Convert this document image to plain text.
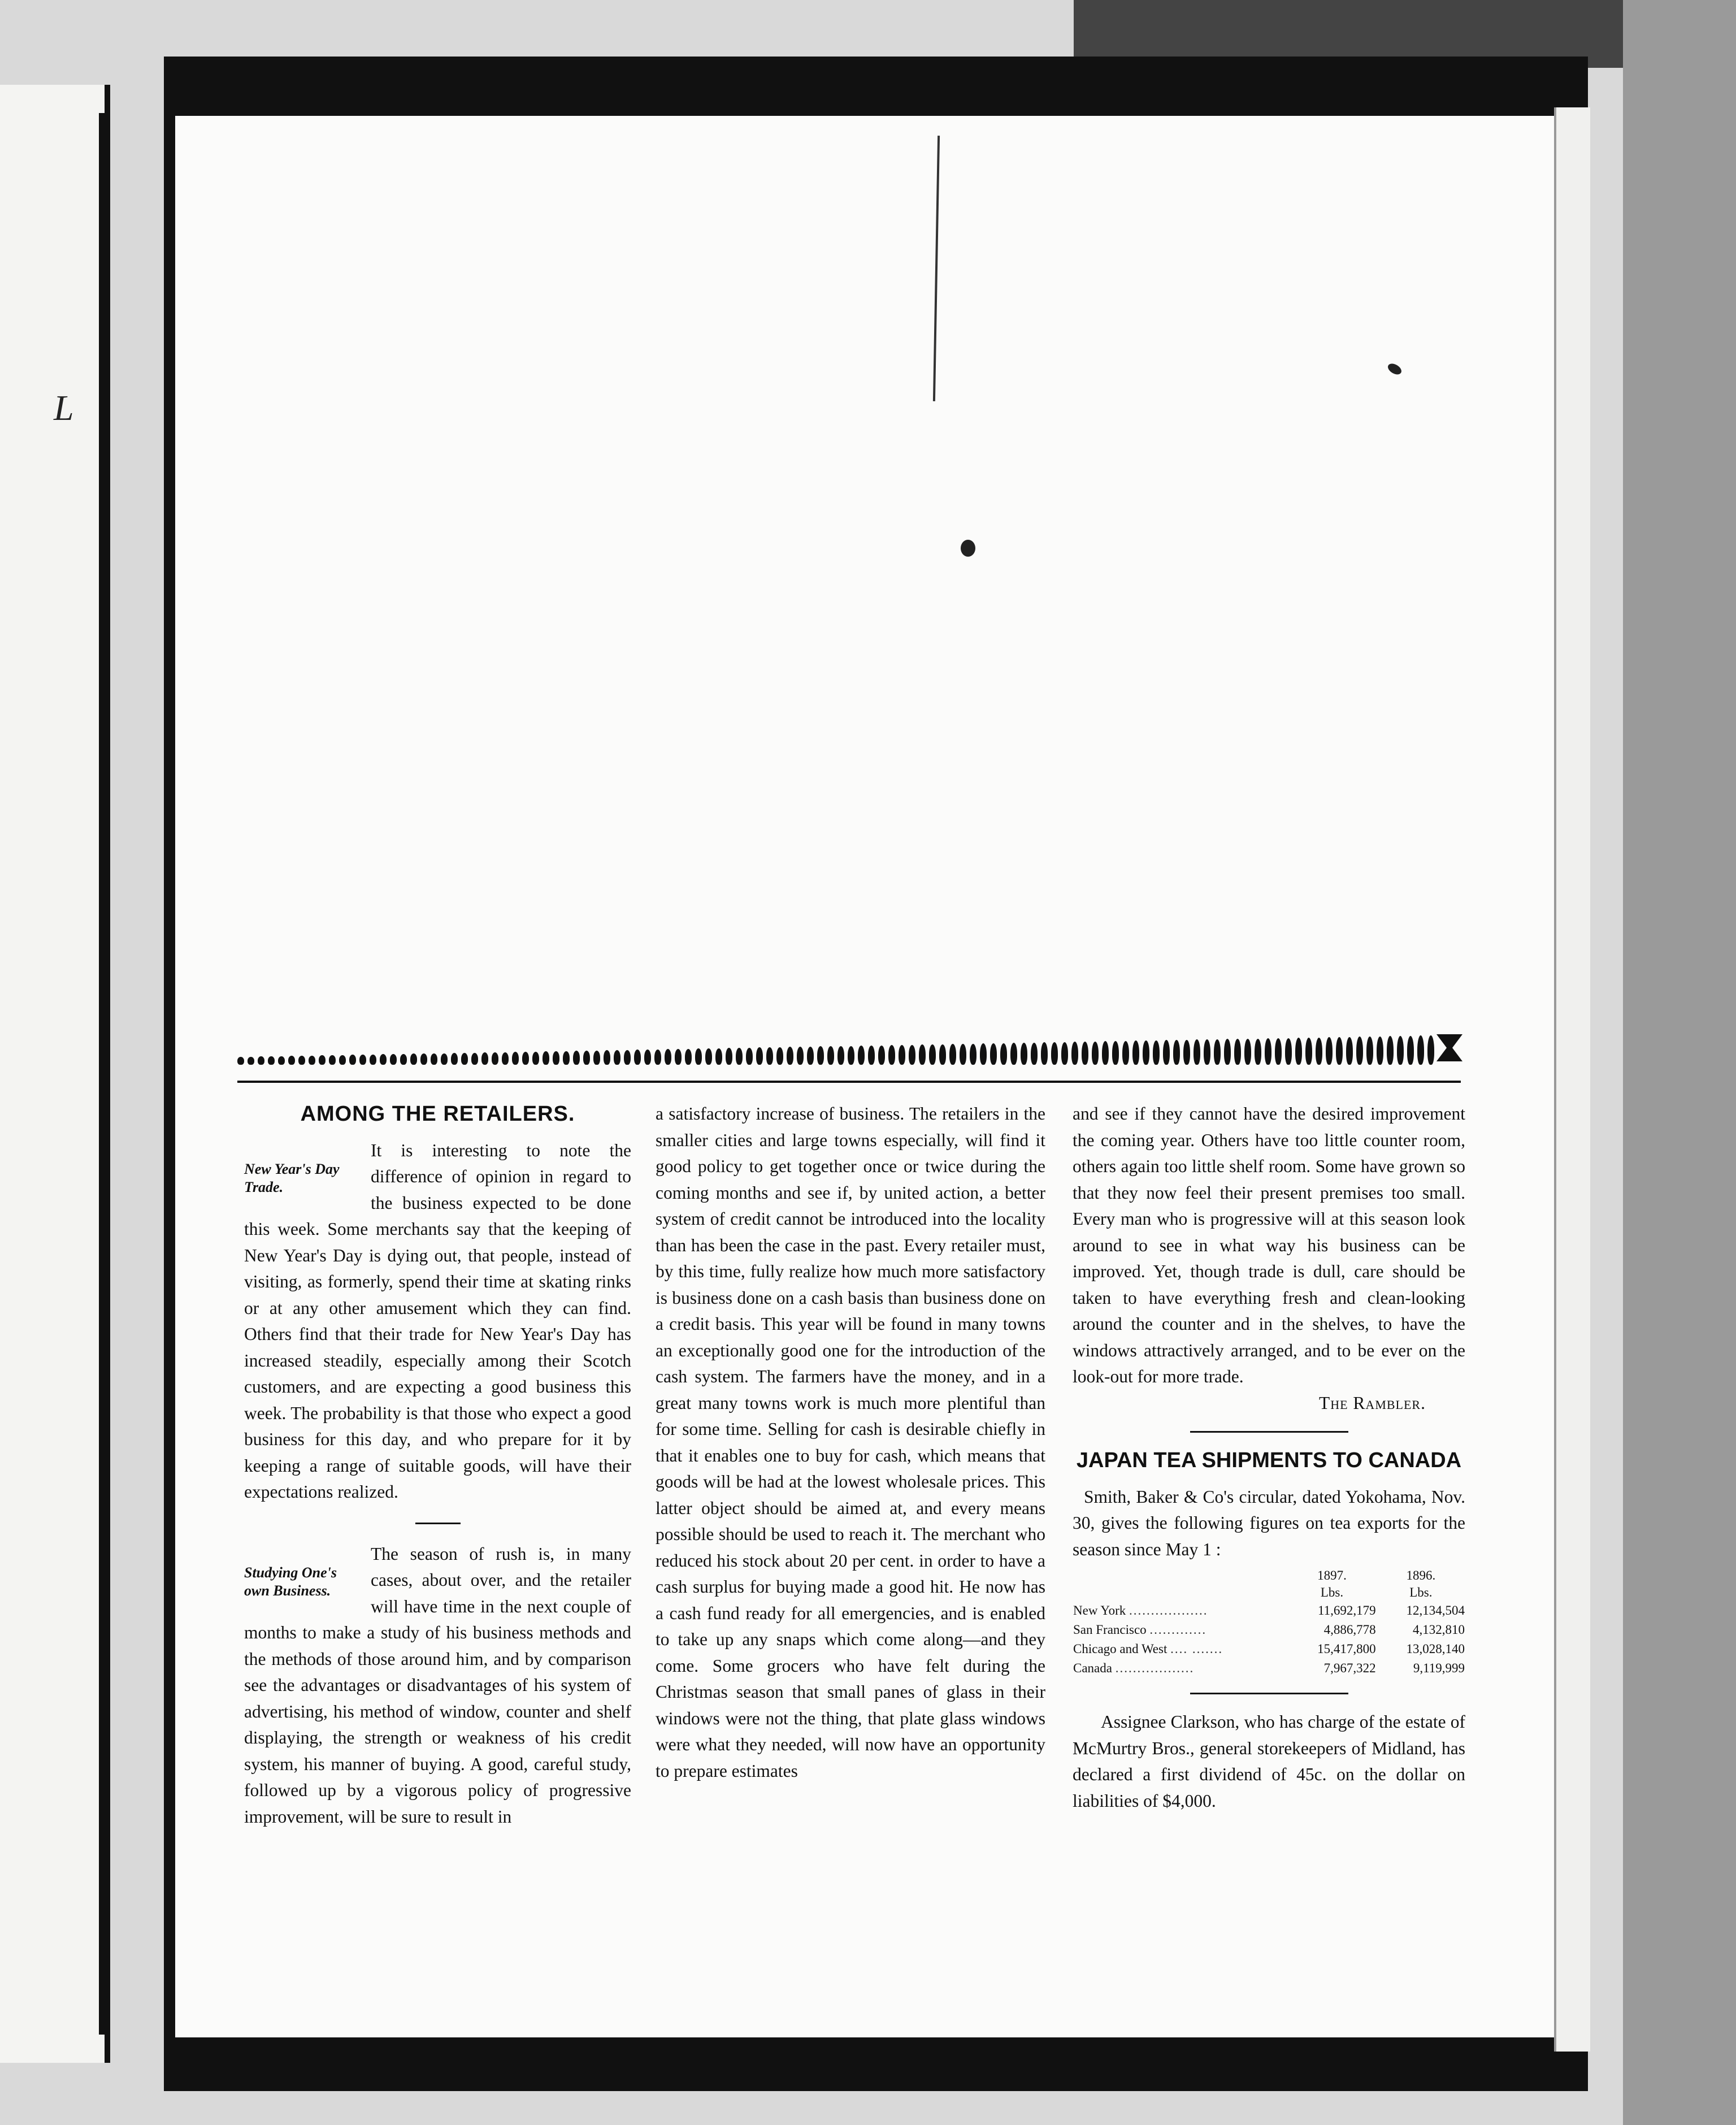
L
AMONG THE RETAILERS.
New Year's Day Trade.

It is interesting to note the difference of opinion in regard to the business expected to be done this week. Some merchants say that the keeping of New Year's Day is dying out, that people, instead of visiting, as formerly, spend their time at skating rinks or at any other amusement which they can find. Others find that their trade for New Year's Day has increased steadily, especially among their Scotch customers, and are expecting a good business this week. The probability is that those who expect a good business for this day, and who prepare for it by keeping a range of suitable goods, will have their expectations realized.

Studying One's own Business.

The season of rush is, in many cases, about over, and the retailer will have time in the next couple of months to make a study of his business methods and the methods of those around him, and by comparison see the advantages or disadvantages of his system of advertising, his method of window, counter and shelf displaying, the strength or weakness of his credit system, his manner of buying. A good, careful study, followed up by a vigorous policy of progressive improvement, will be sure to result in

a satisfactory increase of business. The retailers in the smaller cities and large towns especially, will find it good policy to get together once or twice during the coming months and see if, by united action, a better system of credit cannot be introduced into the locality than has been the case in the past. Every retailer must, by this time, fully realize how much more satisfactory is business done on a cash basis than business done on a credit basis. This year will be found in many towns an exceptionally good one for the introduction of the cash system. The farmers have the money, and in a great many towns work is much more plentiful than for some time. Selling for cash is desirable chiefly in that it enables one to buy for cash, which means that goods will be had at the lowest wholesale prices. This latter object should be aimed at, and every means possible should be used to reach it. The merchant who reduced his stock about 20 per cent. in order to have a cash surplus for buying made a good hit. He now has a cash fund ready for all emergencies, and is enabled to take up any snaps which come along—and they come. Some grocers who have felt during the Christmas season that small panes of glass in their windows were not the thing, that plate glass windows were what they needed, will now have an opportunity to prepare estimates

and see if they cannot have the desired improvement the coming year. Others have too little counter room, others again too little shelf room. Some have grown so that they now feel their present premises too small. Every man who is progressive will at this season look around to see in what way his business can be improved. Yet, though trade is dull, care should be taken to have everything fresh and clean-looking around the counter and in the shelves, to have the windows attractively arranged, and to be ever on the look-out for more trade.

The Rambler.
JAPAN TEA SHIPMENTS TO CANADA

Smith, Baker & Co's circular, dated Yokohama, Nov. 30, gives the following figures on tea exports for the season since May 1 :

	1897.	1896.
	Lbs.	Lbs.
New York ..................	11,692,179	12,134,504
San Francisco .............	4,886,778	4,132,810
Chicago and West .... .......	15,417,800	13,028,140
Canada ..................	7,967,322	9,119,999

Assignee Clarkson, who has charge of the estate of McMurtry Bros., general storekeepers of Midland, has declared a first dividend of 45c. on the dollar on liabilities of $4,000.
